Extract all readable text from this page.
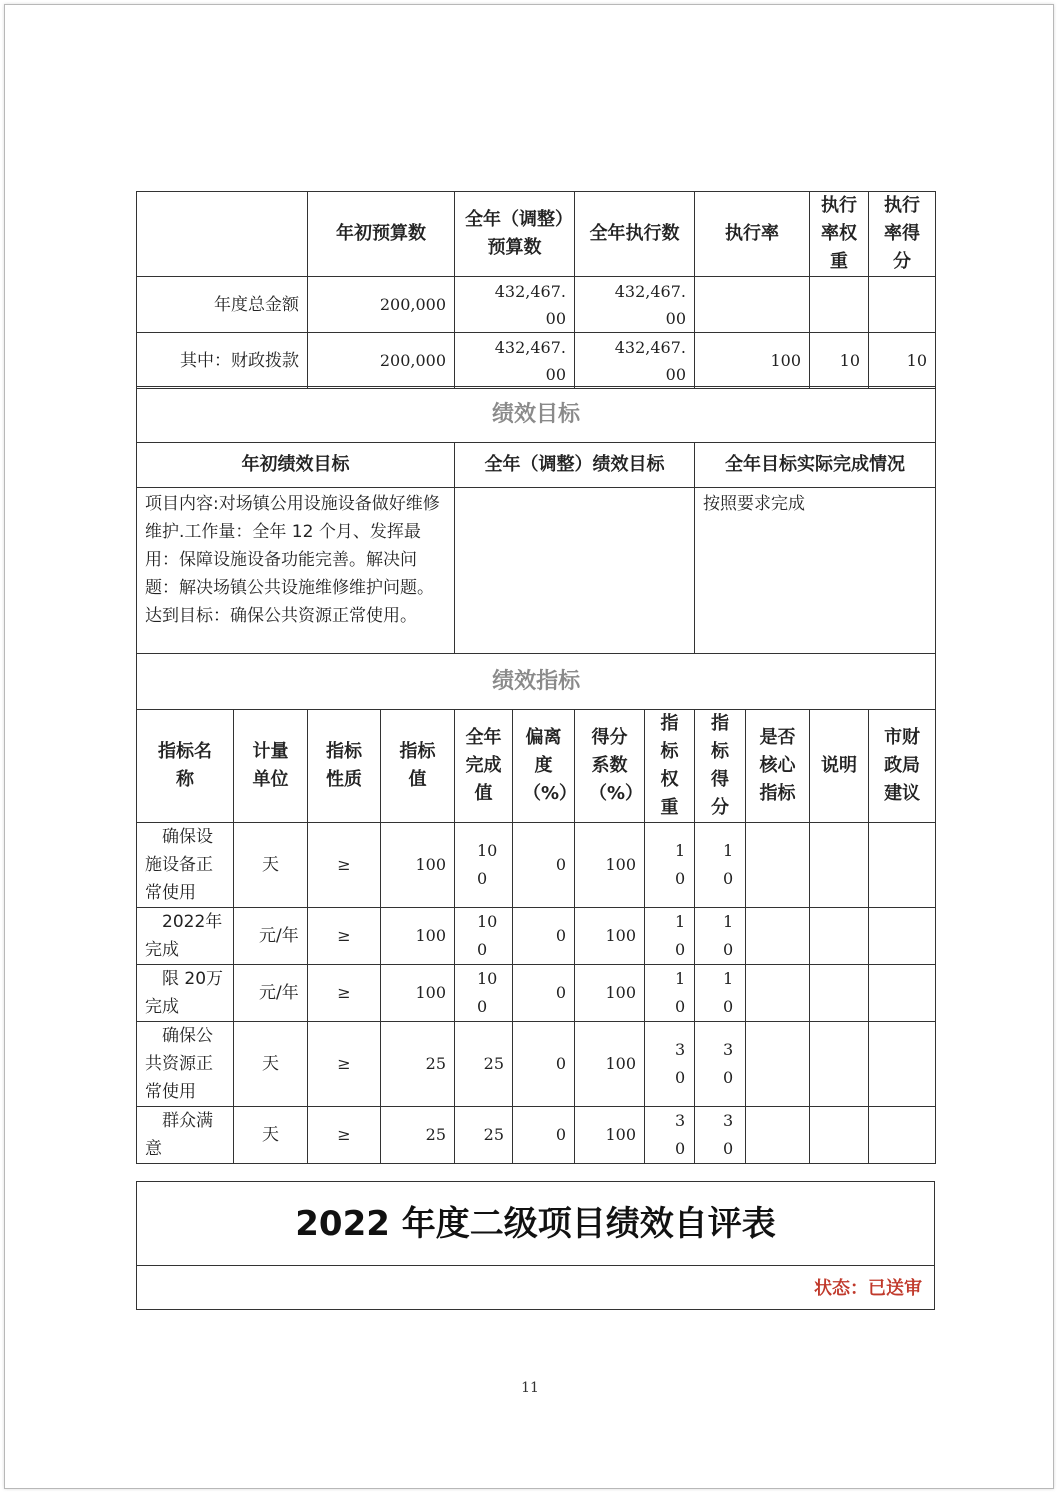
	年初预算数	全年（调整）预算数	全年执行数	执行率	执行率权重	执行率得分
年度总金额	200,000	432,467.00	432,467.00			
其中：财政拨款	200,000	432,467.00	432,467.00	100	10	10
绩效目标		
年初绩效目标	全年（调整）绩效目标	全年目标实际完成情况
项目内容:对场镇公用设施设备做好维修维护.工作量：全年 12 个月、发挥最用：保障设施设备功能完善。解决问题：解决场镇公共设施维修维护问题。达到目标：确保公共资源正常使用。		按照要求完成
绩效指标											
指标名称	计量单位	指标性质	指标值	全年完成值	偏离度（%）	得分系数（%）	指标权重	指标得分	是否核心指标	说明	市财政局建议
确保设施设备正常使用	天	≥	100	100	0	100	10	10			
2022年完成	元/年	≥	100	100	0	100	10	10			
限 20万完成	元/年	≥	100	100	0	100	10	10			
确保公共资源正常使用	天	≥	25	25	0	100	30	30			
群众满意	天	≥	25	25	0	100	30	30			
2022 年度二级项目绩效自评表
状态：已送审
11
